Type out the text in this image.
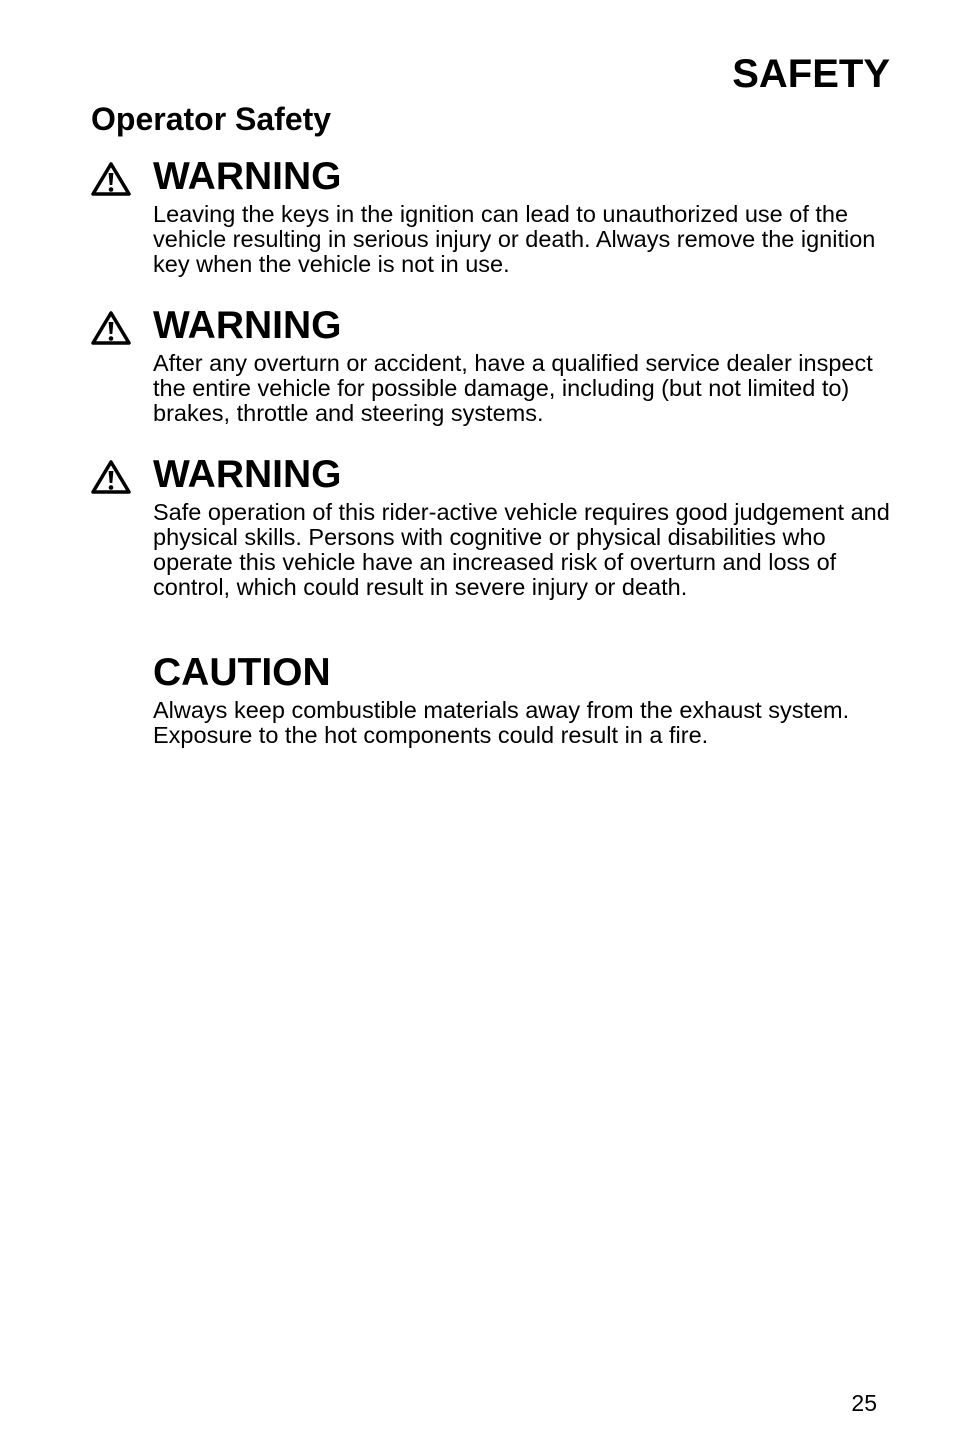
SAFETY
Operator Safety
WARNING

Leaving the keys in the ignition can lead to unauthorized use of the vehicle resulting in serious injury or death. Always remove the ignition key when the vehicle is not in use.

WARNING

After any overturn or accident, have a qualified service dealer inspect the entire vehicle for possible damage, including (but not limited to) brakes, throttle and steering systems.

WARNING

Safe operation of this rider-active vehicle requires good judgement and physical skills. Persons with cognitive or physical disabilities who operate this vehicle have an increased risk of overturn and loss of control, which could result in severe injury or death.

CAUTION

Always keep combustible materials away from the exhaust system. Exposure to the hot components could result in a fire.

25
